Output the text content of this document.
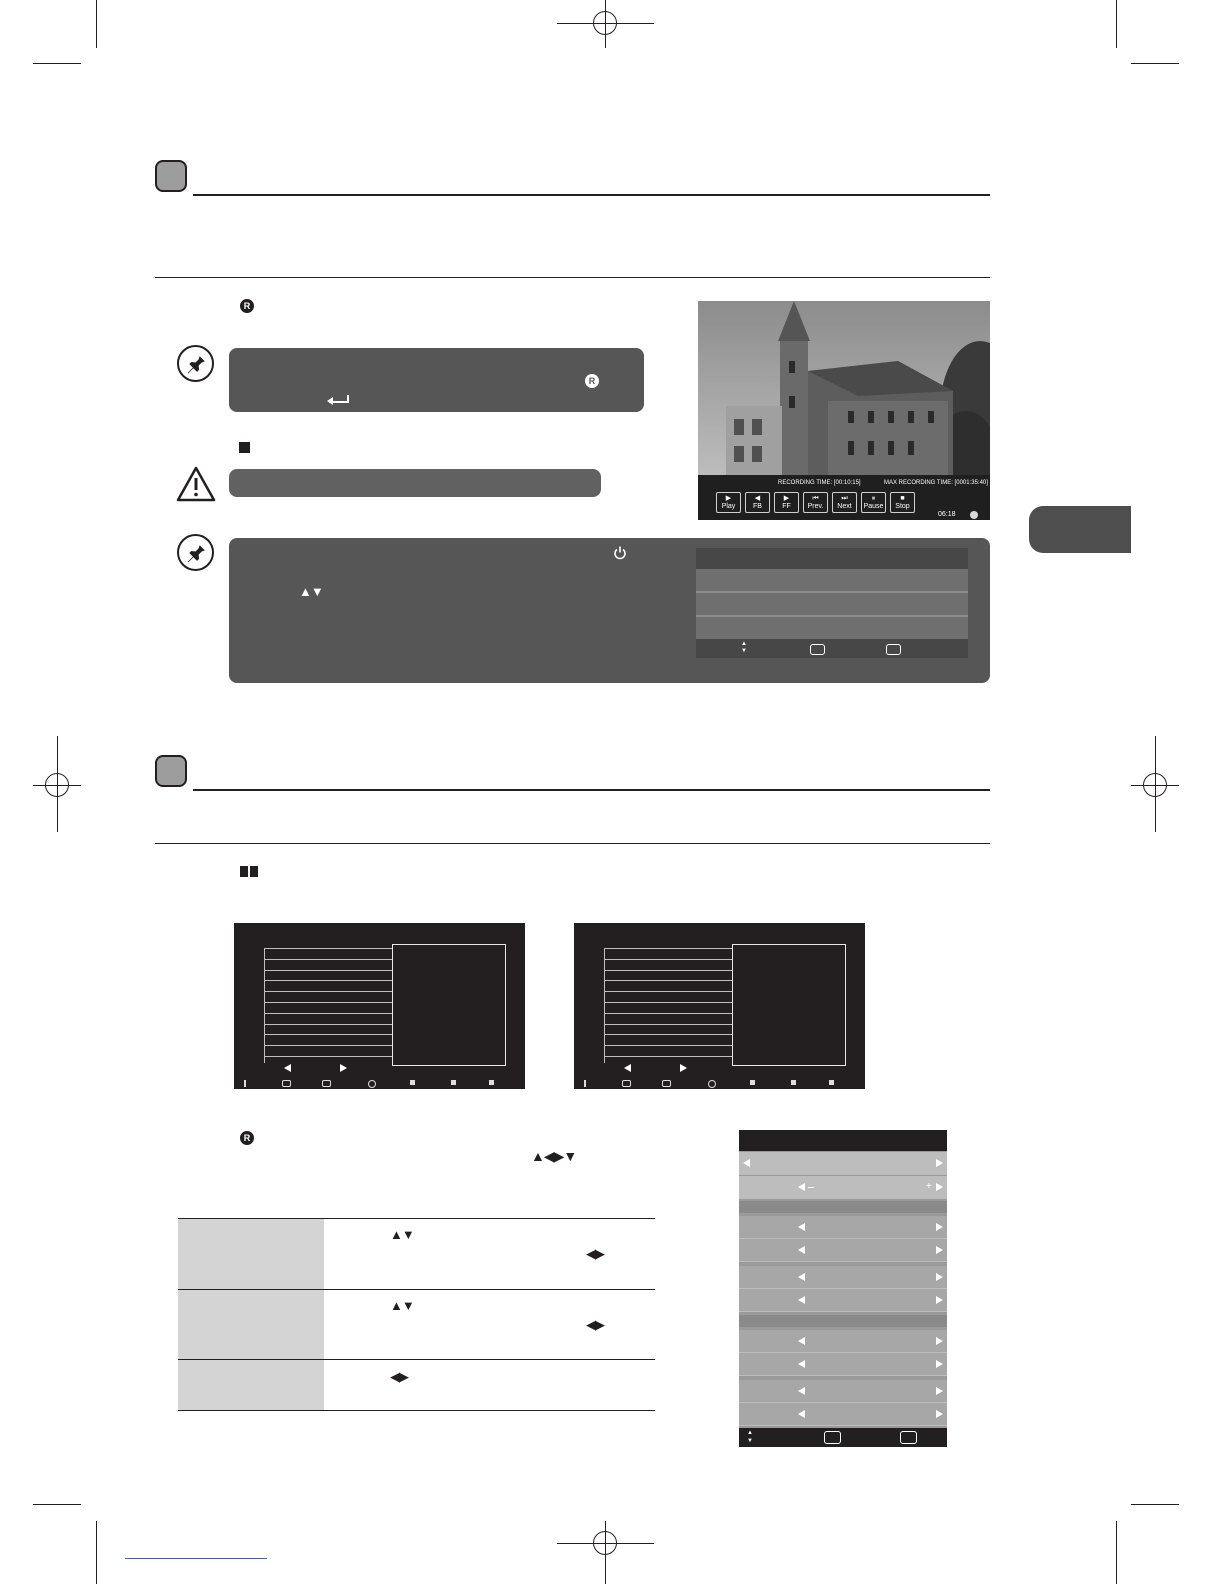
R
R
RECORDING TIME: [00:10:15]	MAX RECORDING TIME: [0001:35:40]
06:18
▶
Play
◀
FB
▶
FF
⏮
Prev.
⏭
Next
⏸
Pause
■
Stop
▲▼
▲▼
R
▲◀▶▼
▲▼
◀▶
▲▼
◀▶
◀▶
+
▲▼
